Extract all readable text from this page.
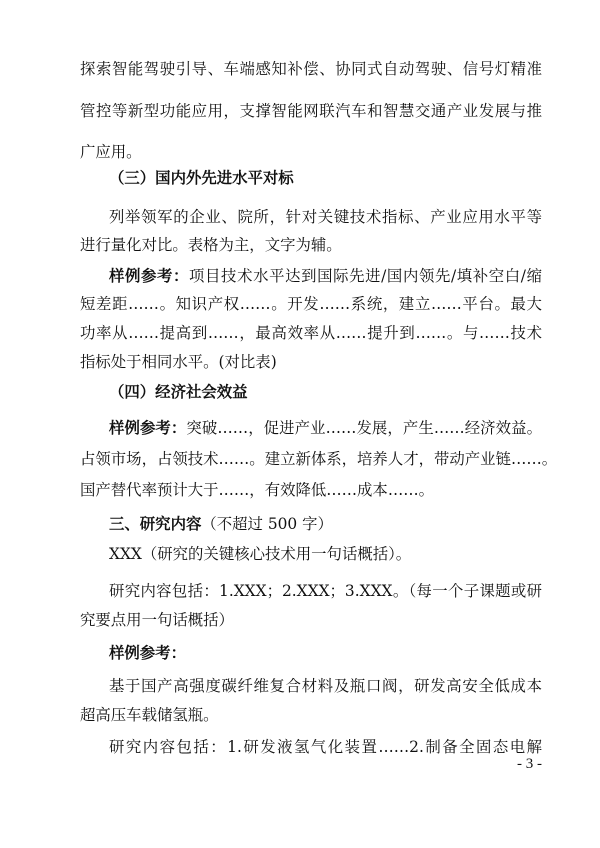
探索智能驾驶引导、车端感知补偿、协同式自动驾驶、信号灯精准
管控等新型功能应用，支撑智能网联汽车和智慧交通产业发展与推
广应用。
（三）国内外先进水平对标
列举领军的企业、院所，针对关键技术指标、产业应用水平等
进行量化对比。表格为主，文字为辅。
样例参考：项目技术水平达到国际先进/国内领先/填补空白/缩
短差距……。知识产权……。开发……系统，建立……平台。最大
功率从……提高到……，最高效率从……提升到……。与……技术
指标处于相同水平。(对比表)
（四）经济社会效益
样例参考：突破……，促进产业……发展，产生……经济效益。
占领市场，占领技术……。建立新体系，培养人才，带动产业链……。
国产替代率预计大于……，有效降低……成本……。
三、研究内容（不超过 500 字）
XXX（研究的关键核心技术用一句话概括）。
研究内容包括：1.XXX；2.XXX；3.XXX。（每一个子课题或研
究要点用一句话概括）
样例参考：
基于国产高强度碳纤维复合材料及瓶口阀，研发高安全低成本
超高压车载储氢瓶。
研究内容包括：1.研发液氢气化装置……2.制备全固态电解
- 3 -
